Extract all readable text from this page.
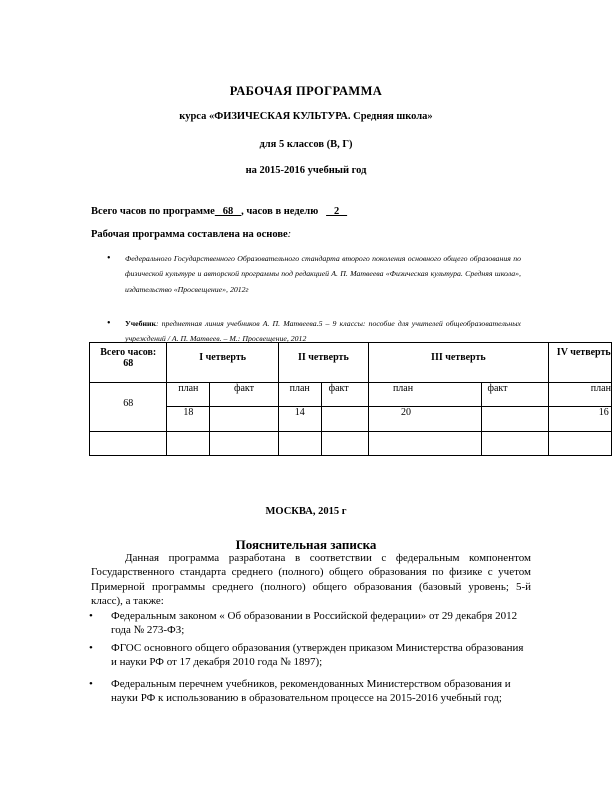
РАБОЧАЯ ПРОГРАММА
курса «ФИЗИЧЕСКАЯ КУЛЬТУРА. Средняя школа»
для 5 классов (В, Г)
на 2015-2016 учебный год
Всего часов по программе   68   , часов в неделю      2
Рабочая программа составлена на основе:
• Федерального Государственного Образовательного стандарта второго поколения основного общего образования по физической культуре и авторской программы под редакцией А. П. Матвеева «Физическая культура. Средняя школа», издательство «Просвещение», 2012г
• Учебник: предметная линия учебников А. П. Матвеева.5 – 9 классы: пособие для учителей общеобразовательных учреждений / А. П. Матвеев. – М.: Просвещение, 2012
Всего часов:
68	I четверть		II четверть		III четверть		IV четверть
68	план	факт	план	факт	план	факт	план
	18		14		20		16

МОСКВА, 2015 г
Пояснительная записка
Данная программа разработана в соответствии с федеральным компонентом Государственного стандарта среднего (полного) общего образования по физике с учетом Примерной программы среднего (полного) общего образования (базовый уровень; 5-й класс), а также:
• Федеральным законом « Об образовании в Российской федерации» от 29 декабря 2012 года № 273-ФЗ;
• ФГОС основного общего образования (утвержден приказом Министерства образования и науки РФ от 17 декабря 2010 года № 1897);
• Федеральным перечнем учебников, рекомендованных Министерством образования и науки РФ к использованию в образовательном процессе на 2015-2016 учебный год;
